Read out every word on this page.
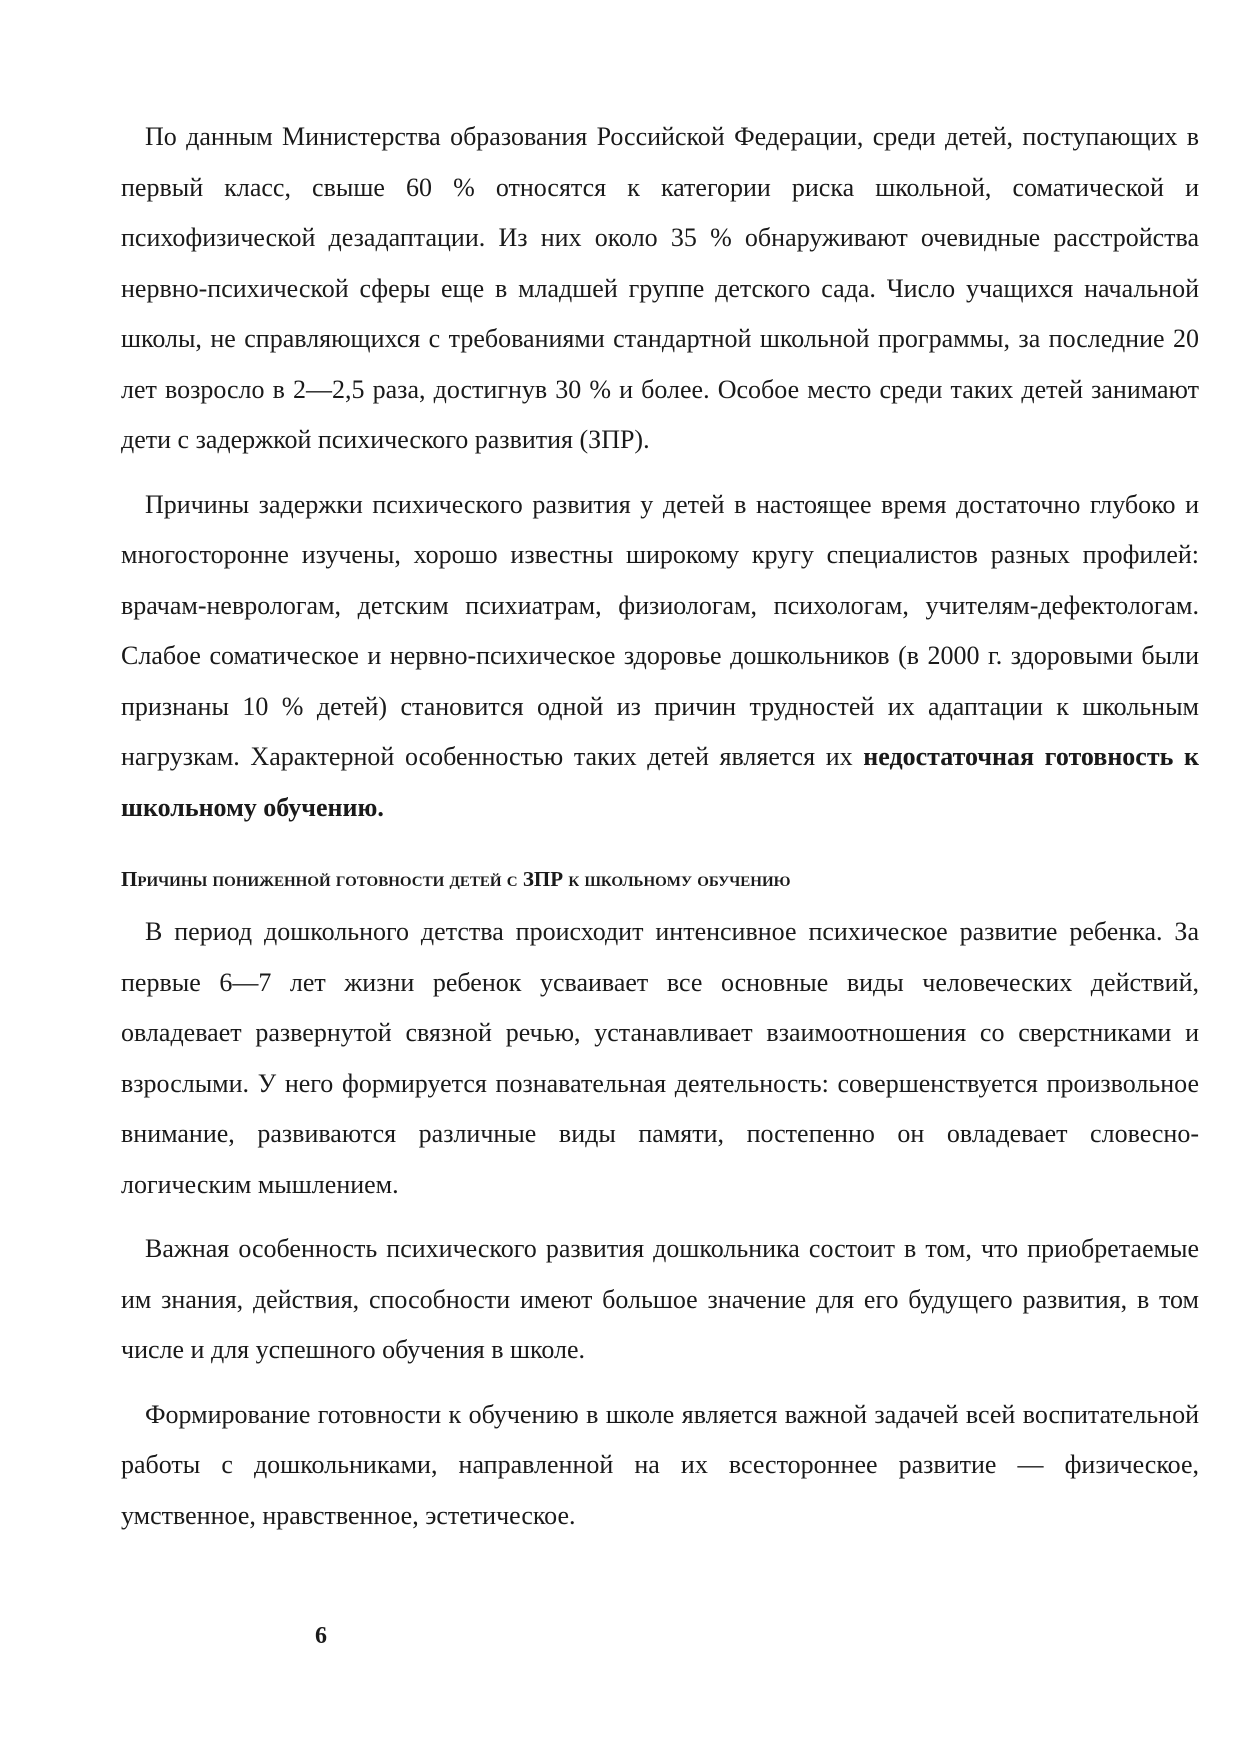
По данным Министерства образования Российской Федерации, среди детей, поступающих в первый класс, свыше 60 % относятся к категории риска школьной, соматической и психофизической дезадаптации. Из них около 35 % обнаруживают очевидные расстройства нервно-психической сферы еще в младшей группе детского сада. Число учащихся начальной школы, не справляющихся с требованиями стандартной школьной программы, за последние 20 лет возросло в 2—2,5 раза, достигнув 30 % и более. Особое место среди таких детей занимают дети с задержкой психического развития (ЗПР).

Причины задержки психического развития у детей в настоящее время достаточно глубоко и многосторонне изучены, хорошо известны широкому кругу специалистов разных профилей: врачам-неврологам, детским психиатрам, физиологам, психологам, учителям-дефектологам. Слабое соматическое и нервно-психическое здоровье дошкольников (в 2000 г. здоровыми были признаны 10 % детей) становится одной из причин трудностей их адаптации к школьным нагрузкам. Характерной особенностью таких детей является их недостаточная готовность к школьному обучению.

Причины пониженной готовности детей с ЗПР к школьному обучению

В период дошкольного детства происходит интенсивное психическое развитие ребенка. За первые 6—7 лет жизни ребенок усваивает все основные виды человеческих действий, овладевает развернутой связной речью, устанавливает взаимоотношения со сверстниками и взрослыми. У него формируется познавательная деятельность: совершенствуется произвольное внимание, развиваются различные виды памяти, постепенно он овладевает словесно-логическим мышлением.

Важная особенность психического развития дошкольника состоит в том, что приобретаемые им знания, действия, способности имеют большое значение для его будущего развития, в том числе и для успешного обучения в школе.

Формирование готовности к обучению в школе является важной задачей всей воспитательной работы с дошкольниками, направленной на их всестороннее развитие — физическое, умственное, нравственное, эстетическое.

6
